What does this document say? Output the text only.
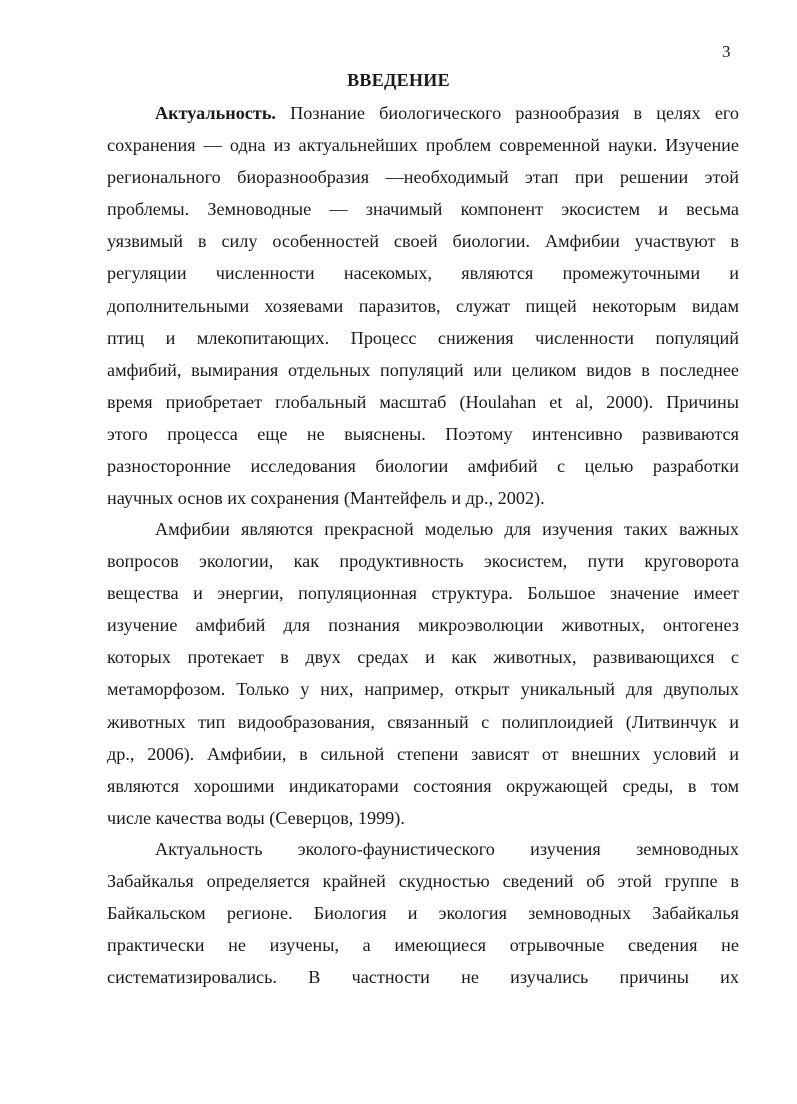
3
ВВЕДЕНИЕ
Актуальность. Познание биологического разнообразия в целях его
сохранения — одна из актуальнейших проблем современной науки. Изучение
регионального биоразнообразия —необходимый этап при решении этой
проблемы. Земноводные — значимый компонент экосистем и весьма
уязвимый в силу особенностей своей биологии. Амфибии участвуют в
регуляции численности насекомых, являются промежуточными и
дополнительными хозяевами паразитов, служат пищей некоторым видам
птиц и млекопитающих. Процесс снижения численности популяций
амфибий, вымирания отдельных популяций или целиком видов в последнее
время приобретает глобальный масштаб (Houlahan et al, 2000). Причины
этого процесса еще не выяснены. Поэтому интенсивно развиваются
разносторонние исследования биологии амфибий с целью разработки
научных основ их сохранения (Мантейфель и др., 2002).
Амфибии являются прекрасной моделью для изучения таких важных
вопросов экологии, как продуктивность экосистем, пути круговорота
вещества и энергии, популяционная структура. Большое значение имеет
изучение амфибий для познания микроэволюции животных, онтогенез
которых протекает в двух средах и как животных, развивающихся с
метаморфозом. Только у них, например, открыт уникальный для двуполых
животных тип видообразования, связанный с полиплоидией (Литвинчук и
др., 2006). Амфибии, в сильной степени зависят от внешних условий и
являются хорошими индикаторами состояния окружающей среды, в том
числе качества воды (Северцов, 1999).
Актуальность эколого-фаунистического изучения земноводных
Забайкалья определяется крайней скудностью сведений об этой группе в
Байкальском регионе. Биология и экология земноводных Забайкалья
практически не изучены, а имеющиеся отрывочные сведения не
систематизировались. В частности не изучались причины их
